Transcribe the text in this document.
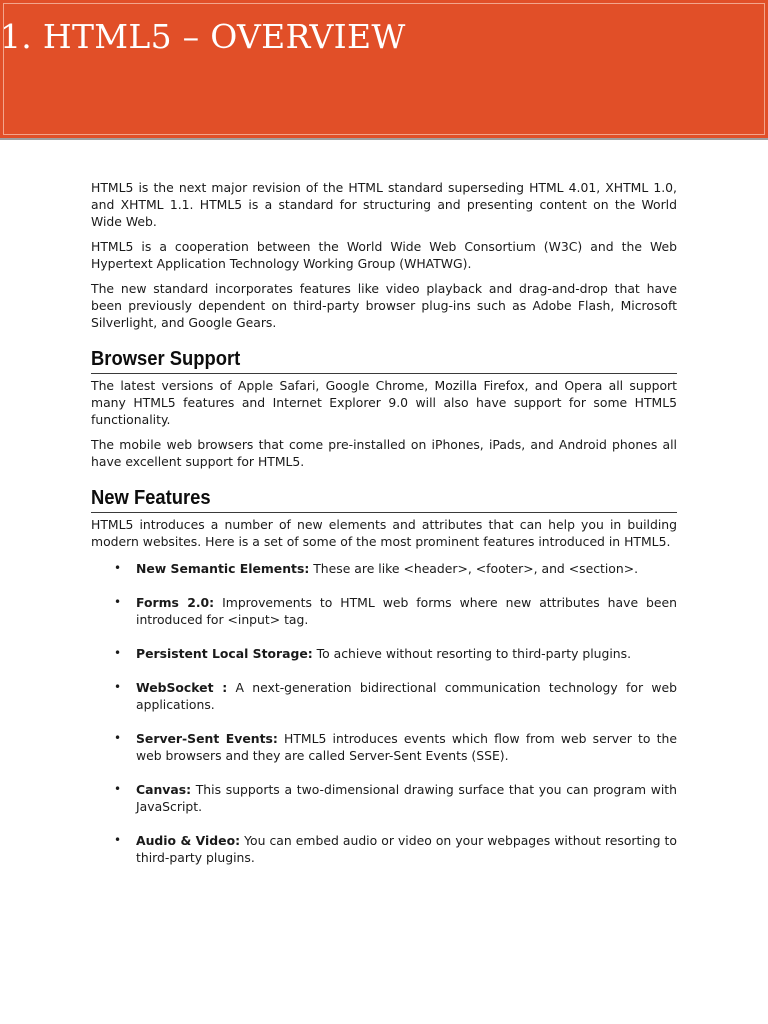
1. HTML5 – OVERVIEW

HTML5 is the next major revision of the HTML standard superseding HTML 4.01, XHTML 1.0, and XHTML 1.1. HTML5 is a standard for structuring and presenting content on the World Wide Web.

HTML5 is a cooperation between the World Wide Web Consortium (W3C) and the Web Hypertext Application Technology Working Group (WHATWG).

The new standard incorporates features like video playback and drag-and-drop that have been previously dependent on third-party browser plug-ins such as Adobe Flash, Microsoft Silverlight, and Google Gears.

Browser Support

The latest versions of Apple Safari, Google Chrome, Mozilla Firefox, and Opera all support many HTML5 features and Internet Explorer 9.0 will also have support for some HTML5 functionality.

The mobile web browsers that come pre-installed on iPhones, iPads, and Android phones all have excellent support for HTML5.

New Features

HTML5 introduces a number of new elements and attributes that can help you in building modern websites. Here is a set of some of the most prominent features introduced in HTML5.

• New Semantic Elements: These are like <header>, <footer>, and <section>.
• Forms 2.0: Improvements to HTML web forms where new attributes have been introduced for <input> tag.
• Persistent Local Storage: To achieve without resorting to third-party plugins.
• WebSocket : A next-generation bidirectional communication technology for web applications.
• Server-Sent Events: HTML5 introduces events which flow from web server to the web browsers and they are called Server-Sent Events (SSE).
• Canvas: This supports a two-dimensional drawing surface that you can program with JavaScript.
• Audio & Video: You can embed audio or video on your webpages without resorting to third-party plugins.
